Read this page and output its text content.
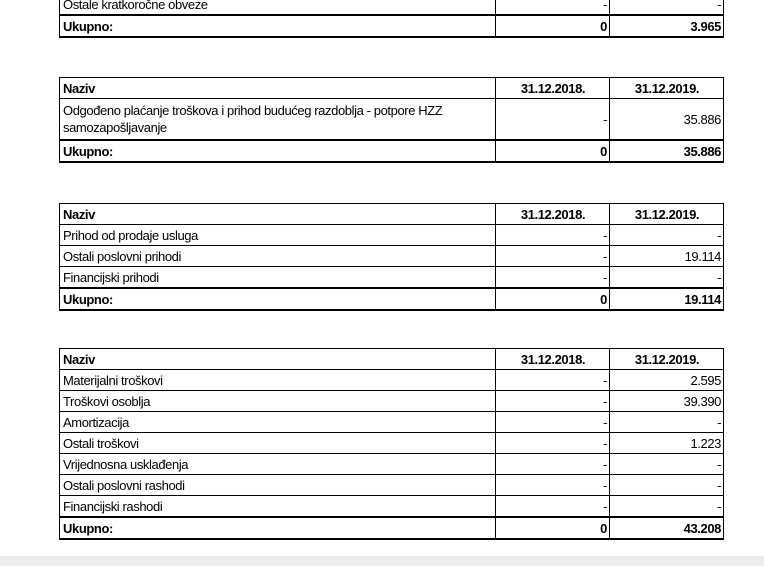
Ostale kratkoročne obveze	-	-
Ukupno:	0	3.965
Naziv	31.12.2018.	31.12.2019.
Odgođeno plaćanje troškova i prihod budućeg razdoblja - potpore HZZ samozapošljavanje	-	35.886
Ukupno:	0	35.886
Naziv	31.12.2018.	31.12.2019.
Prihod od prodaje usluga	-	-
Ostali poslovni prihodi	-	19.114
Financijski prihodi	-	-
Ukupno:	0	19.114
Naziv	31.12.2018.	31.12.2019.
Materijalni troškovi	-	2.595
Troškovi osoblja	-	39.390
Amortizacija	-	-
Ostali troškovi	-	1.223
Vrijednosna usklađenja	-	-
Ostali poslovni rashodi	-	-
Financijski rashodi	-	-
Ukupno:	0	43.208
